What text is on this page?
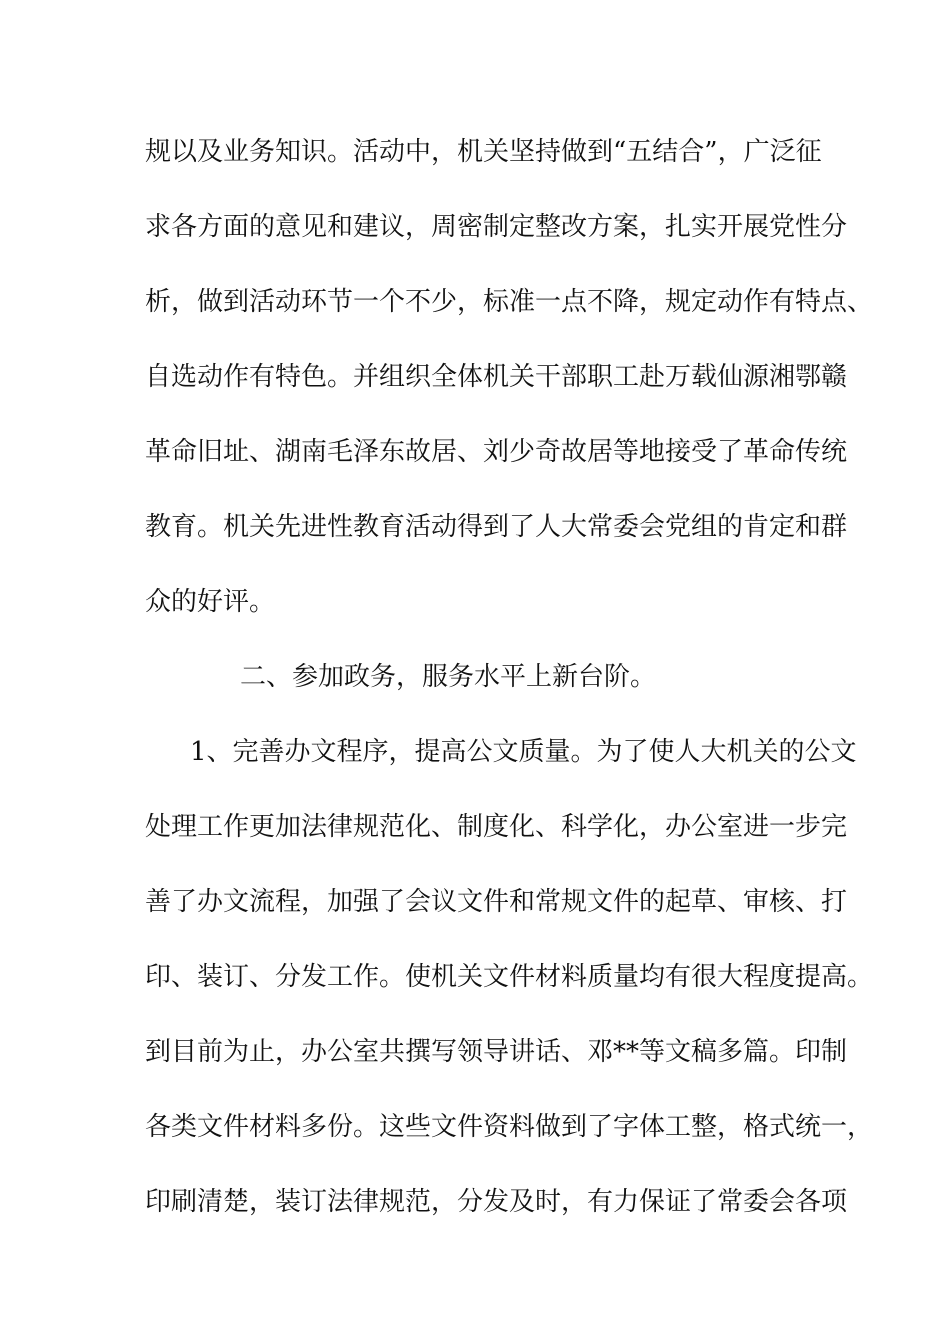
规以及业务知识。活动中，机关坚持做到“五结合”，广泛征
求各方面的意见和建议，周密制定整改方案，扎实开展党性分
析，做到活动环节一个不少，标准一点不降，规定动作有特点、
自选动作有特色。并组织全体机关干部职工赴万载仙源湘鄂赣
革命旧址、湖南毛泽东故居、刘少奇故居等地接受了革命传统
教育。机关先进性教育活动得到了人大常委会党组的肯定和群
众的好评。
二、参加政务，服务水平上新台阶。
1、完善办文程序，提高公文质量。为了使人大机关的公文
处理工作更加法律规范化、制度化、科学化，办公室进一步完
善了办文流程，加强了会议文件和常规文件的起草、审核、打
印、装订、分发工作。使机关文件材料质量均有很大程度提高。
到目前为止，办公室共撰写领导讲话、邓**等文稿多篇。印制
各类文件材料多份。这些文件资料做到了字体工整，格式统一，
印刷清楚，装订法律规范，分发及时，有力保证了常委会各项
